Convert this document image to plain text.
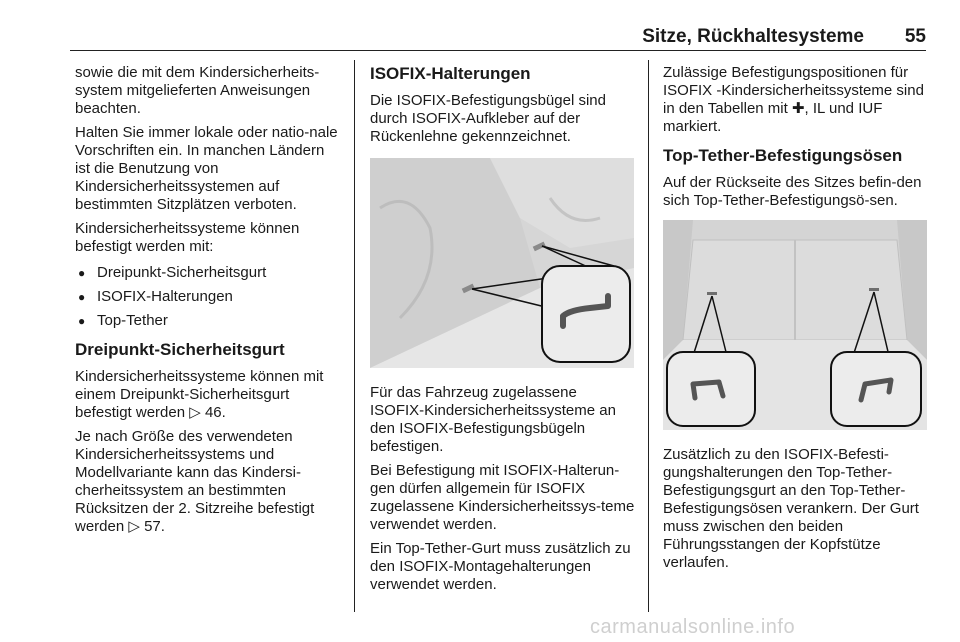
Sitze, Rückhaltesysteme 55

sowie die mit dem Kindersicherheits-system mitgelieferten Anweisungen beachten.

Halten Sie immer lokale oder natio-nale Vorschriften ein. In manchen Ländern ist die Benutzung von Kindersicherheitssystemen auf bestimmten Sitzplätzen verboten.

Kindersicherheitssysteme können befestigt werden mit:

● Dreipunkt-Sicherheitsgurt
● ISOFIX-Halterungen
● Top-Tether
Dreipunkt-Sicherheitsgurt

Kindersicherheitssysteme können mit einem Dreipunkt-Sicherheitsgurt befestigt werden ▷ 46.

Je nach Größe des verwendeten Kindersicherheitssystems und Modellvariante kann das Kindersi-cherheitssystem an bestimmten Rücksitzen der 2. Sitzreihe befestigt werden ▷ 57.

ISOFIX-Halterungen

Die ISOFIX-Befestigungsbügel sind durch ISOFIX-Aufkleber auf der Rückenlehne gekennzeichnet.

Für das Fahrzeug zugelassene ISOFIX-Kindersicherheitssysteme an den ISOFIX-Befestigungsbügeln befestigen.

Bei Befestigung mit ISOFIX-Halterun-gen dürfen allgemein für ISOFIX zugelassene Kindersicherheitssys-teme verwendet werden.

Ein Top-Tether-Gurt muss zusätzlich zu den ISOFIX-Montagehalterungen verwendet werden.

Zulässige Befestigungspositionen für ISOFIX -Kindersicherheitssysteme sind in den Tabellen mit ✚, IL und IUF markiert.

Top-Tether-Befestigungsösen

Auf der Rückseite des Sitzes befin-den sich Top-Tether-Befestigungsö-sen.

Zusätzlich zu den ISOFIX-Befesti-gungshalterungen den Top-Tether-Befestigungsgurt an den Top-Tether-Befestigungsösen verankern. Der Gurt muss zwischen den beiden Führungsstangen der Kopfstütze verlaufen.

carmanualsonline.info
